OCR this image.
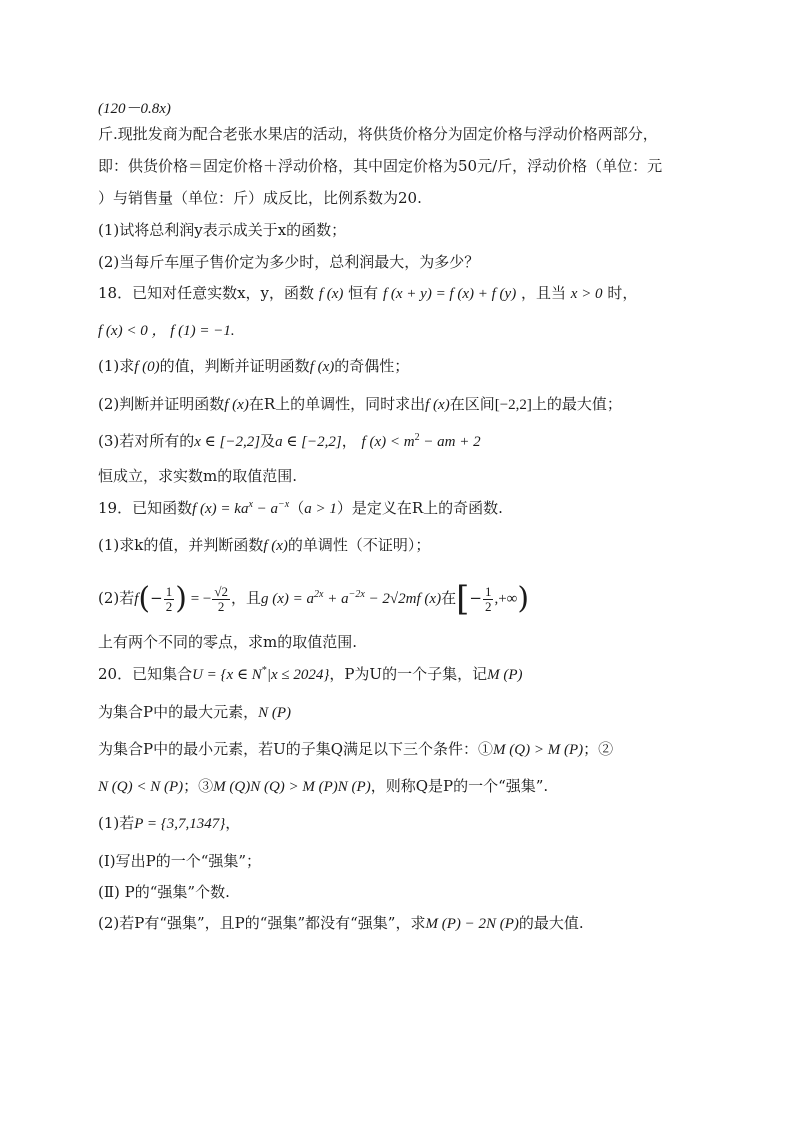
(120－0.8x)
斤.现批发商为配合老张水果店的活动，将供货价格分为固定价格与浮动价格两部分，
即：供货价格＝固定价格＋浮动价格，其中固定价格为50元/斤，浮动价格（单位：元
）与销售量（单位：斤）成反比，比例系数为20.
(1)试将总利润y表示成关于x的函数；
(2)当每斤车厘子售价定为多少时，总利润最大，为多少？
18．已知对任意实数x，y，函数 f (x) 恒有 f (x + y) = f (x) + f (y) ，且当 x > 0 时，
f (x) < 0 ， f (1) = −1.
(1)求f (0)的值，判断并证明函数f (x)的奇偶性；
(2)判断并证明函数f (x)在R上的单调性，同时求出f (x)在区间[−2,2]上的最大值；
(3)若对所有的x ∈ [−2,2]及a ∈ [−2,2]， f $(x) < m^2$ − am + 2
恒成立，求实数m的取值范围.
19．已知函数f $(x) = ka^x - a^{-x}(a > 1)$是定义在R上的奇函数.
(1)求k的值，并判断函数f (x)的单调性（不证明）；
(2)若$f(- \frac{1}{2}$ ) = − $\frac{√2}{2}$ ，且g $(x) = a^{2x} + a^{-2x} - 2√2mf$ (x)在[− $\frac{1}{2}$ ,+∞)
上有两个不同的零点，求m的取值范围.
20．已知集合U = {x ∈ N*|x ≤ 2024}，P为U的一个子集，记M (P)
为集合P中的最大元素，N (P)
为集合P中的最小元素，若U的子集Q满足以下三个条件：①M (Q) > M (P)；②
N (Q) < N (P)；③M (Q)N (Q) > M (P)N (P)，则称Q是P的一个“强集”.
(1)若P = {3,7,1347}，
(Ⅰ)写出P的一个“强集”；
(Ⅱ) P的“强集”个数.
(2)若P有“强集”，且P的“强集”都没有“强集”，求M (P) − 2N (P)的最大值.
